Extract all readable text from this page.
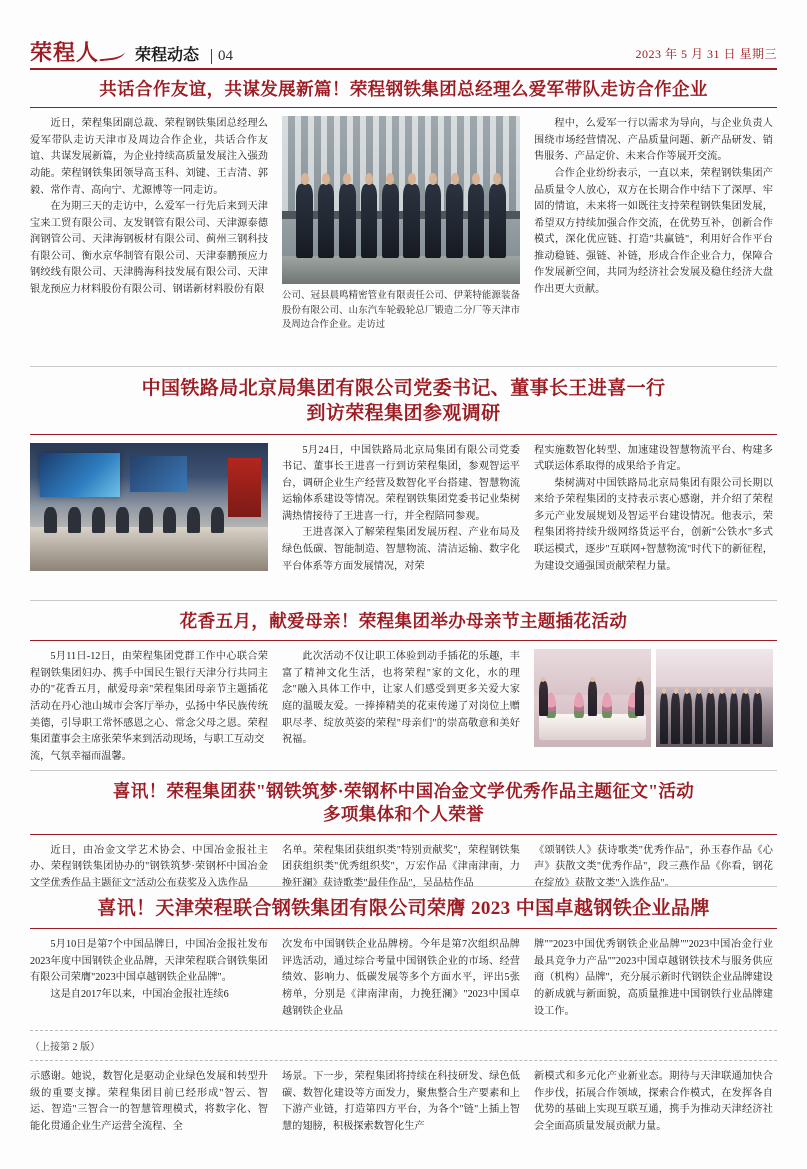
荣程人	荣程动态	04	2023 年 5 月 31 日 星期三
共话合作友谊，共谋发展新篇！荣程钢铁集团总经理么爱军带队走访合作企业

近日，荣程集团副总裁、荣程钢铁集团总经理么爱军带队走访天津市及周边合作企业，共话合作友谊、共谋发展新篇，为企业持续高质量发展注入强劲动能。荣程钢铁集团领导高玉科、刘键、王吉清、郭毅、常作青、高向宁、尤源博等一同走访。

在为期三天的走访中，么爱军一行先后来到天津宝来工贸有限公司、友发钢管有限公司、天津源泰德润钢管公司、天津海钢板材有限公司、蓟州三钢科技有限公司、衡水京华制管有限公司、天津泰鹏预应力钢绞线有限公司、天津腾海科技发展有限公司、天津银龙预应力材料股份有限公司、钢诺新材料股份有限

公司、冠县晨鸣精密管业有限责任公司、伊莱特能源装备股份有限公司、山东汽车轮毂轮总厂锻造二分厂等天津市及周边合作企业。走访过

程中，么爱军一行以需求为导向，与企业负责人围绕市场经营情况、产品质量问题、新产品研发、销售服务、产品定价、未来合作等展开交流。

合作企业纷纷表示，一直以来，荣程钢铁集团产品质量令人放心，双方在长期合作中结下了深厚、牢固的情谊，未来将一如既往支持荣程钢铁集团发展，希望双方持续加强合作交流，在优势互补，创新合作模式，深化优应链、打造"共赢链"，利用好合作平台推动稳链、强链、补链，形成合作企业合力，保障合作发展新空间，共同为经济社会发展及稳住经济大盘作出更大贡献。

中国铁路局北京局集团有限公司党委书记、董事长王进喜一行
到访荣程集团参观调研

5月24日，中国铁路局北京局集团有限公司党委书记、董事长王进喜一行到访荣程集团，参观智运平台，调研企业生产经营及数智化平台搭建、智慧物流运输体系建设等情况。荣程钢铁集团党委书记业柴树满热情接待了王进喜一行，并全程陪同参观。

王进喜深入了解荣程集团发展历程、产业布局及绿色低碳、智能制造、智慧物流、清洁运输、数字化平台体系等方面发展情况，对荣

程实施数智化转型、加速建设智慧物流平台、构建多式联运体系取得的成果给予肯定。

柴树满对中国铁路局北京局集团有限公司长期以来给予荣程集团的支持表示衷心感谢，并介绍了荣程多元产业发展规划及智运平台建设情况。他表示，荣程集团将持续升级网络货运平台，创新"公铁水"多式联运模式，逐步"互联网+智慧物流"时代下的新征程，为建设交通强国贡献荣程力量。

花香五月，献爱母亲！荣程集团举办母亲节主题插花活动

5月11日-12日，由荣程集团党群工作中心联合荣程钢铁集团妇办、携手中国民生银行天津分行共同主办的"花香五月，献爱母亲"荣程集团母亲节主题插花活动在丹心池山城市会客厅举办，弘扬中华民族传统美德，引导职工常怀感恩之心、常念父母之恩。荣程集团董事会主席张荣华来到活动现场，与职工互动交

流，气氛幸福而温馨。

此次活动不仅让职工体验到动手插花的乐趣，丰富了精神文化生活，也将荣程"家的文化，水的理念"融入具体工作中，让家人们感受到更多关爱大家庭的温暖友爱。一捧捧精美的花束传递了对岗位上赠职尽孝、绽放英姿的荣程"母亲们"的崇高敬意和美好祝福。

喜讯！荣程集团获"钢铁筑梦·荣钢杯中国冶金文学优秀作品主题征文"活动
多项集体和个人荣誉

近日，由冶金文学艺术协会、中国冶金报社主办、荣程钢铁集团协办的"钢铁筑梦·荣钢杯中国冶金文学优秀作品主题征文"活动公布获奖及入选作品

名单。荣程集团获组织类"特别贡献奖"，荣程钢铁集团获组织类"优秀组织奖"，万宏作品《津南津南，力挽狂澜》获诗歌类"最佳作品"，吴品枯作品

《颂钢铁人》获诗歌类"优秀作品"，孙玉春作品《心声》获散文类"优秀作品"，段三燕作品《你看，钢花在绽放》获散文类"入选作品"。

喜讯！天津荣程联合钢铁集团有限公司荣膺 2023 中国卓越钢铁企业品牌

5月10日是第7个中国品牌日，中国冶金报社发布2023年度中国钢铁企业品牌，天津荣程联合钢铁集团有限公司荣膺"2023中国卓越钢铁企业品牌"。

这是自2017年以来，中国冶金报社连续6

次发布中国钢铁企业品牌榜。今年是第7次组织品牌评选活动，通过综合考量中国钢铁企业的市场、经营绩效、影响力、低碳发展等多个方面水平，评出5张榜单，分别是《津南津南，力挽狂澜》"2023中国卓越钢铁企业品

牌""2023中国优秀钢铁企业品牌""2023中国冶金行业最具竞争力产品""2023中国卓越钢铁技术与服务供应商（机构）品牌"，充分展示新时代钢铁企业品牌建设的新成就与新面貌，高质量推进中国钢铁行业品牌建设工作。

（上接第 2 版）

示感谢。她说，数智化是驱动企业绿色发展和转型升级的重要支撑。荣程集团目前已经形成"智云、智运、智造"三智合一的智慧管理模式，将数字化、智能化贯通企业生产运营全流程、全

场景。下一步，荣程集团将持续在科技研发、绿色低碳、数智化建设等方面发力，聚焦整合生产要素和上下游产业链，打造第四方平台，为各个"链"上插上智慧的翅膀，积极探索数智化生产

新模式和多元化产业新业态。期待与天津联通加快合作步伐，拓展合作领域，探索合作模式，在发挥各自优势的基础上实现互联互通，携手为推动天津经济社会全面高质量发展贡献力量。
